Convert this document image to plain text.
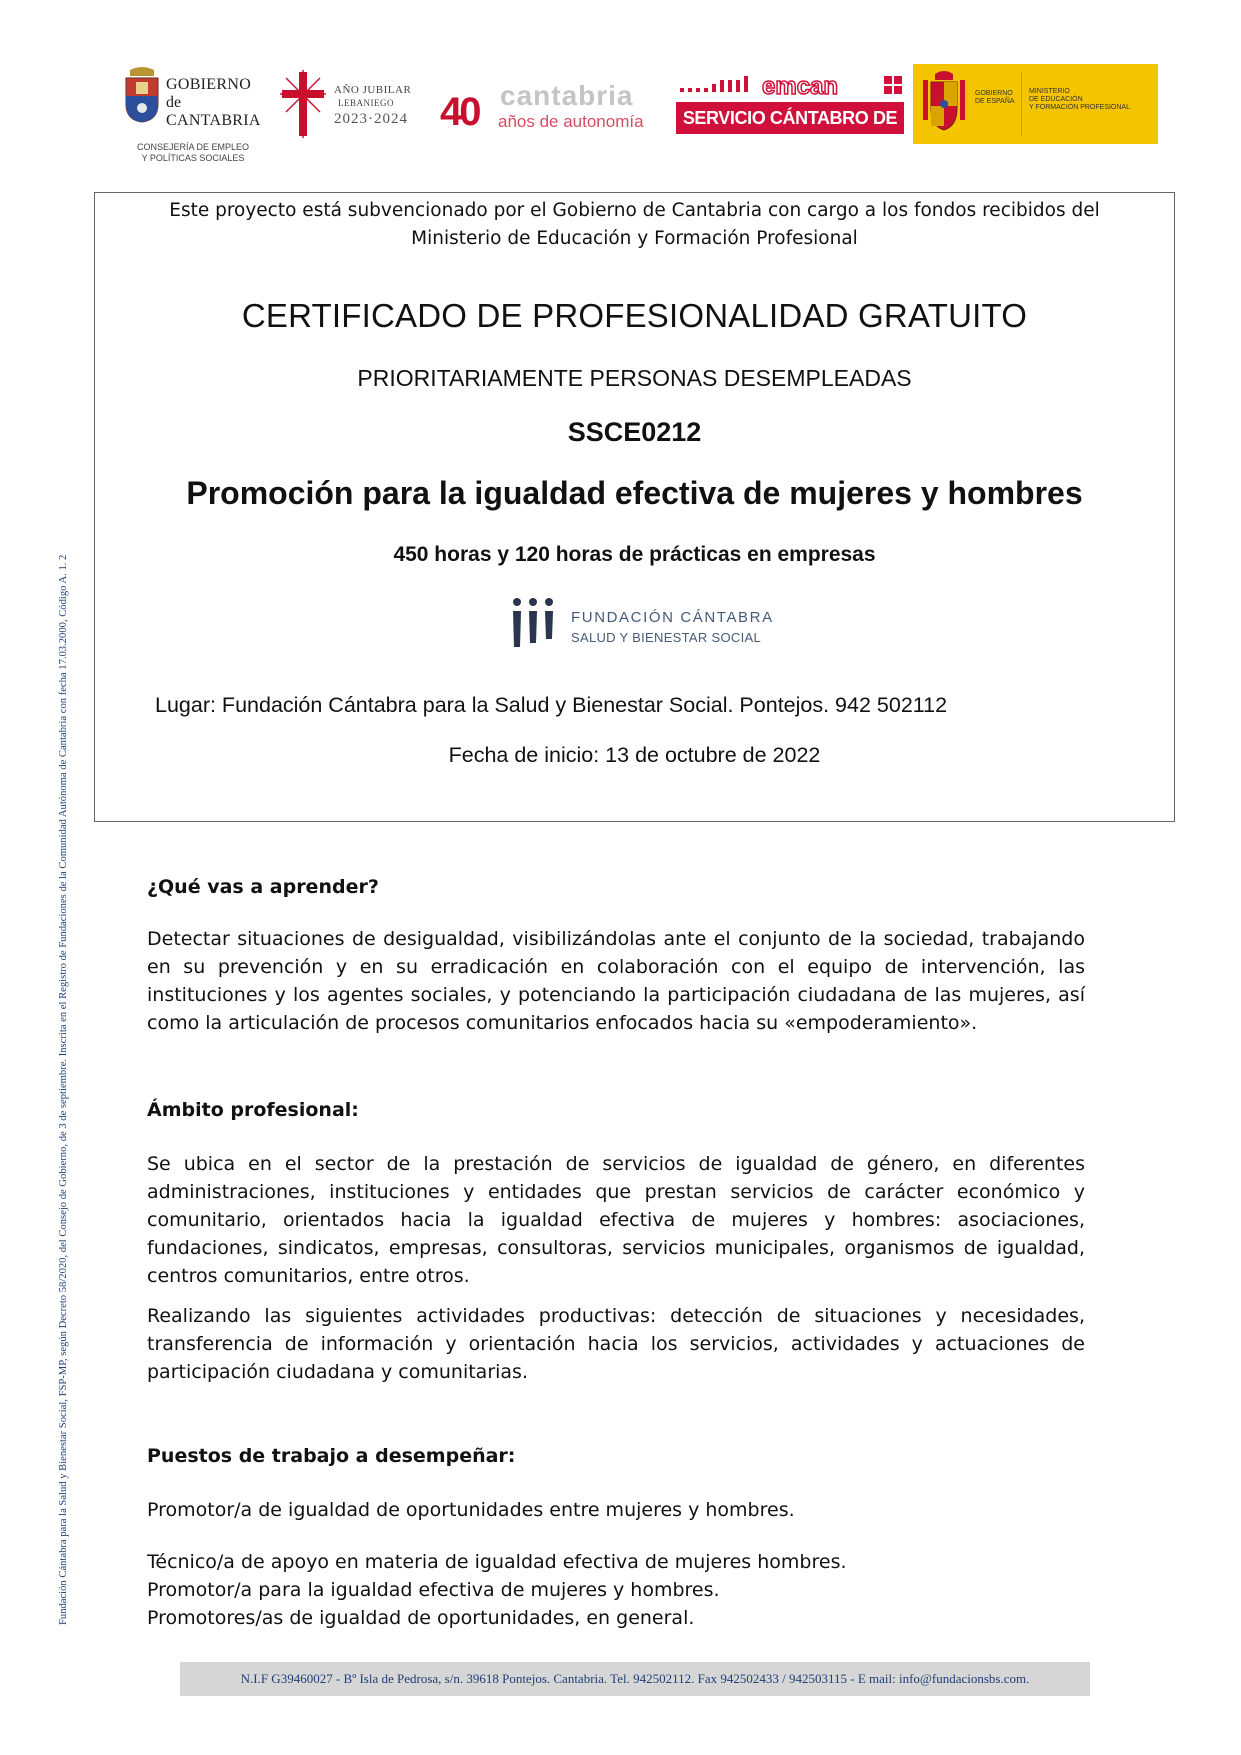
GOBIERNO
de
CANTABRIA
CONSEJERÍA DE EMPLEO
Y POLÍTICAS SOCIALES
AÑO JUBILAR
LEBANIEGO
2023·2024 40 cantabria
años de autonomía
emcan
SERVICIO CÁNTABRO DE EMPLEO
GOBIERNO
DE ESPAÑA
MINISTERIO
DE EDUCACIÓN
Y FORMACIÓN PROFESIONAL
Este proyecto está subvencionado por el Gobierno de Cantabria con cargo a los fondos recibidos del
Ministerio de Educación y Formación Profesional
CERTIFICADO DE PROFESIONALIDAD GRATUITO
PRIORITARIAMENTE PERSONAS DESEMPLEADAS
SSCE0212
Promoción para la igualdad efectiva de mujeres y hombres
450 horas y 120 horas de prácticas en empresas
FUNDACIÓN CÁNTABRA
SALUD Y BIENESTAR SOCIAL
Lugar: Fundación Cántabra para la Salud y Bienestar Social. Pontejos. 942 502112
Fecha de inicio: 13 de octubre de 2022
¿Qué vas a aprender?
Detectar situaciones de desigualdad, visibilizándolas ante el conjunto de la sociedad, trabajando en su prevención y en su erradicación en colaboración con el equipo de intervención, las instituciones y los agentes sociales, y potenciando la participación ciudadana de las mujeres, así como la articulación de procesos comunitarios enfocados hacia su «empoderamiento».
Ámbito profesional:
Se ubica en el sector de la prestación de servicios de igualdad de género, en diferentes administraciones, instituciones y entidades que prestan servicios de carácter económico y comunitario, orientados hacia la igualdad efectiva de mujeres y hombres: asociaciones, fundaciones, sindicatos, empresas, consultoras, servicios municipales, organismos de igualdad, centros comunitarios, entre otros.
Realizando las siguientes actividades productivas: detección de situaciones y necesidades, transferencia de información y orientación hacia los servicios, actividades y actuaciones de participación ciudadana y comunitarias.
Puestos de trabajo a desempeñar:
Promotor/a de igualdad de oportunidades entre mujeres y hombres.
Técnico/a de apoyo en materia de igualdad efectiva de mujeres hombres.
Promotor/a para la igualdad efectiva de mujeres y hombres.
Promotores/as de igualdad de oportunidades, en general.
Fundación Cántabra para la Salud y Bienestar Social, FSP-MP, según Decreto 58/2020, del Consejo de Gobierno, de 3 de septiembre. Inscrita en el Registro de Fundaciones de la Comunidad Autónoma de Cantabria con fecha 17.03.2000, Código A. 1. 2
N.I.F G39460027 - Bº Isla de Pedrosa, s/n. 39618 Pontejos. Cantabria. Tel. 942502112. Fax 942502433 / 942503115 - E mail: info@fundacionsbs.com.
